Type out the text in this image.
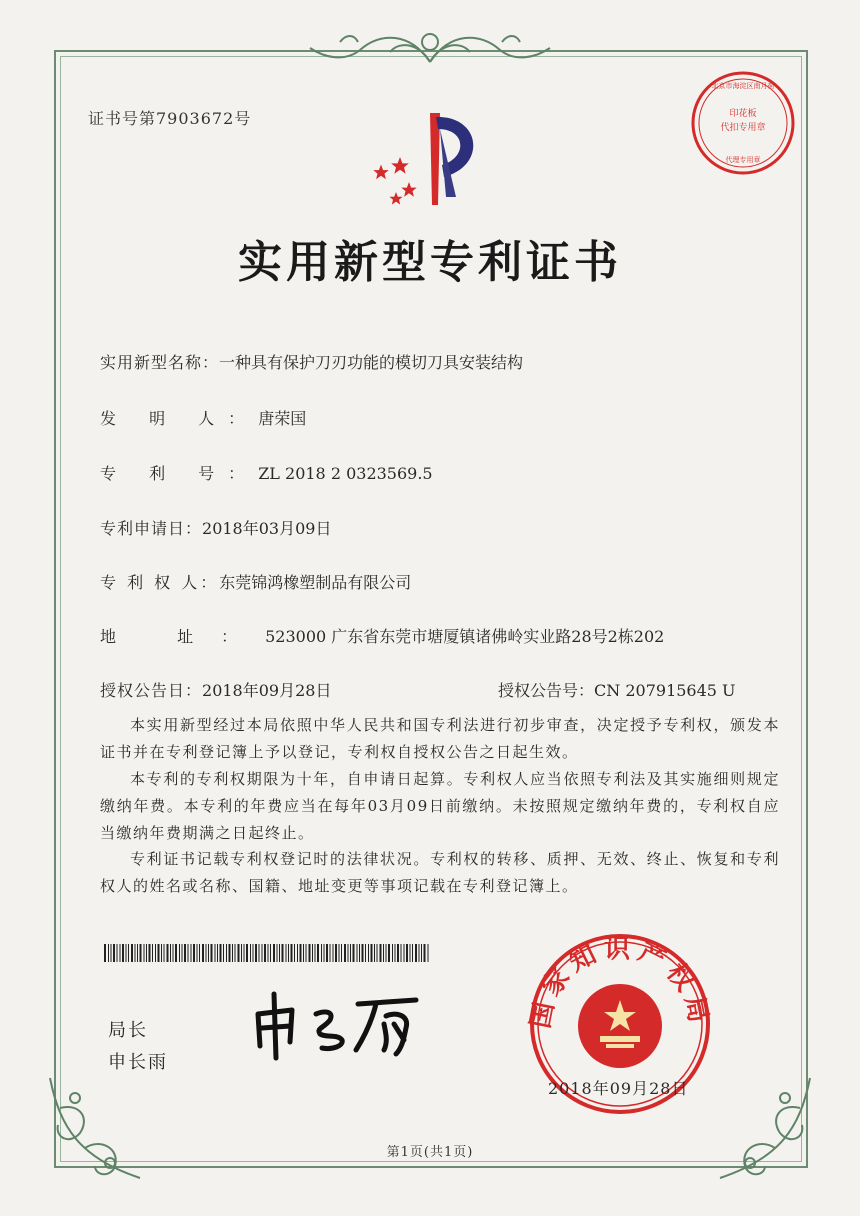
证书号第7903672号	印花板
代扣专用章
北京市海淀区南月荷
代理专用章
实用新型专利证书
实用新型名称：一种具有保护刀刃功能的模切刀具安装结构
发 明 人：唐荣国
专 利 号：ZL 2018 2 0323569.5
专利申请日：2018年03月09日
专 利 权 人：东莞锦鸿橡塑制品有限公司
地 址：523000 广东省东莞市塘厦镇诸佛岭实业路28号2栋202
授权公告日：2018年09月28日	授权公告号：CN 207915645 U
本实用新型经过本局依照中华人民共和国专利法进行初步审查，决定授予专利权，颁发本证书并在专利登记簿上予以登记，专利权自授权公告之日起生效。
本专利的专利权期限为十年，自申请日起算。专利权人应当依照专利法及其实施细则规定缴纳年费。本专利的年费应当在每年03月09日前缴纳。未按照规定缴纳年费的，专利权自应当缴纳年费期满之日起终止。
专利证书记载专利权登记时的法律状况。专利权的转移、质押、无效、终止、恢复和专利权人的姓名或名称、国籍、地址变更等事项记载在专利登记簿上。
局长
申长雨
国家知识产权局
2018年09月28日
第1页(共1页)
